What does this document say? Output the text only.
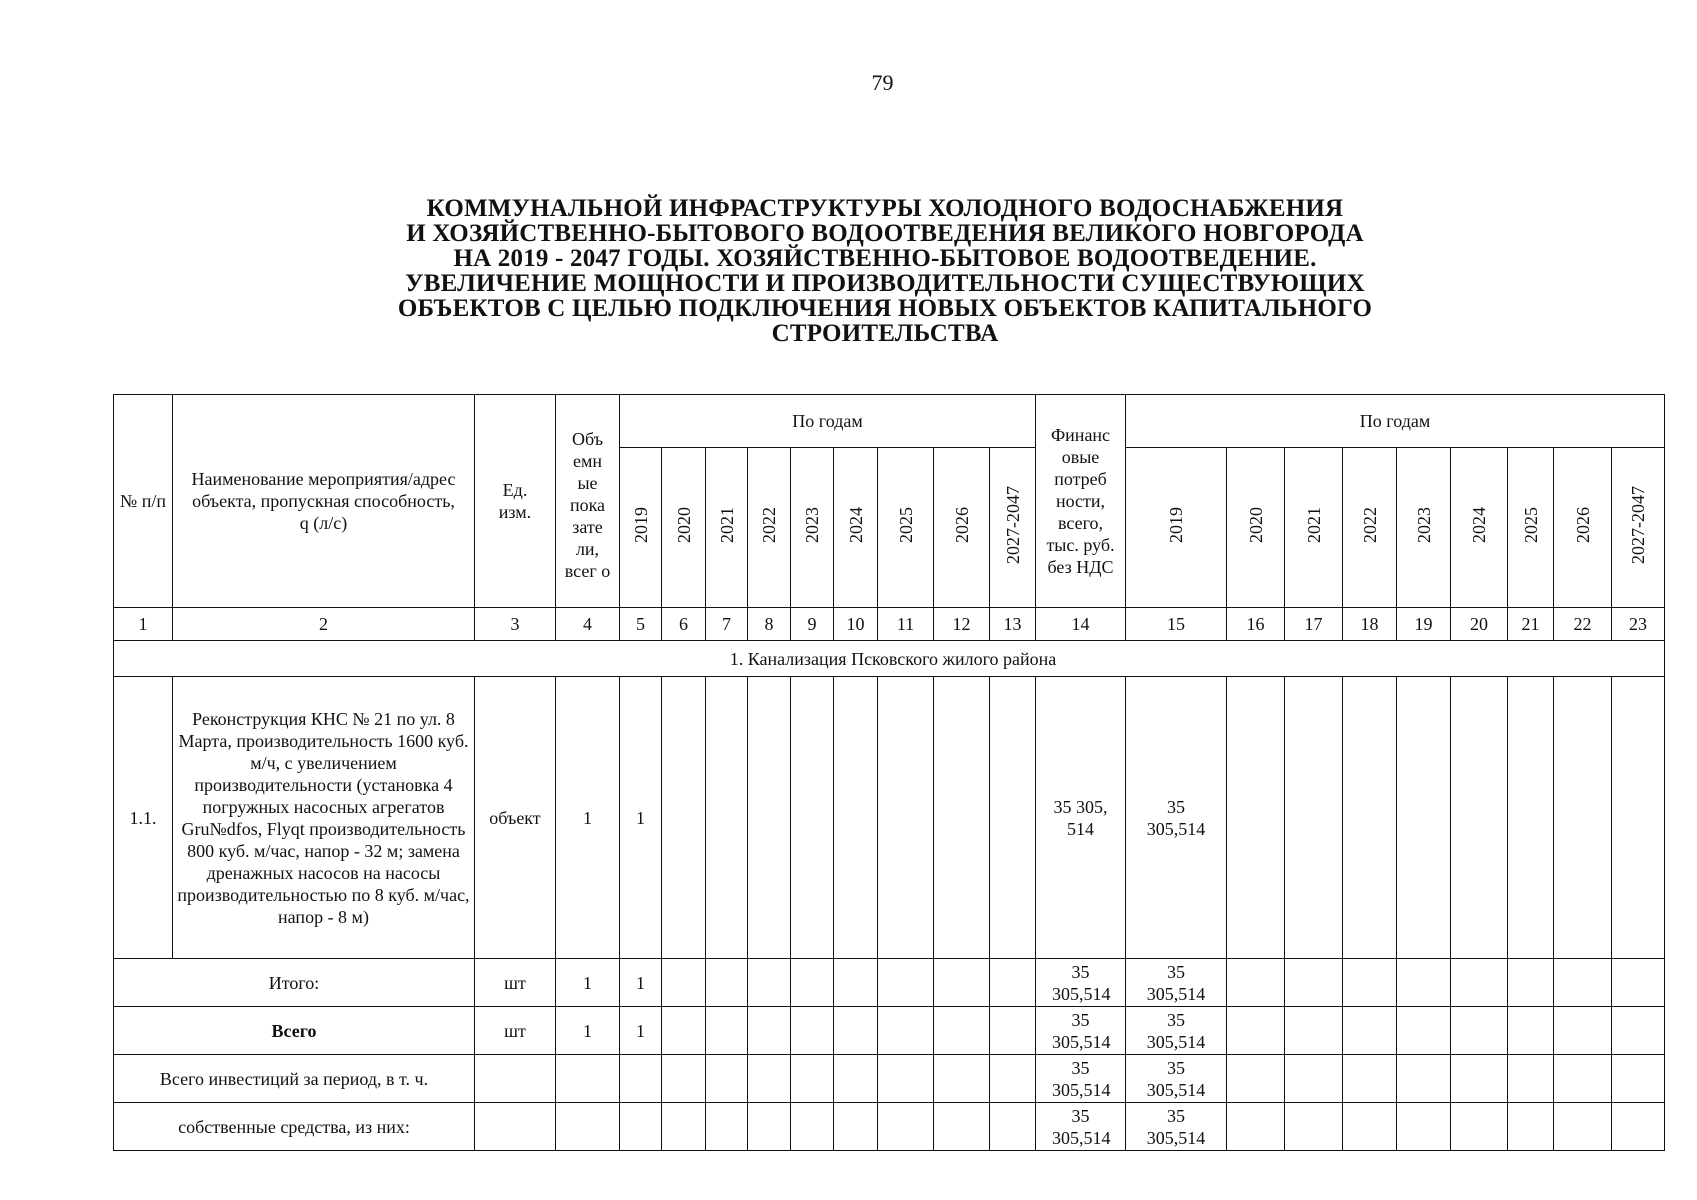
79
КОММУНАЛЬНОЙ ИНФРАСТРУКТУРЫ ХОЛОДНОГО ВОДОСНАБЖЕНИЯ
И ХОЗЯЙСТВЕННО-БЫТОВОГО ВОДООТВЕДЕНИЯ ВЕЛИКОГО НОВГОРОДА
НА 2019 - 2047 ГОДЫ. ХОЗЯЙСТВЕННО-БЫТОВОЕ ВОДООТВЕДЕНИЕ.
УВЕЛИЧЕНИЕ МОЩНОСТИ И ПРОИЗВОДИТЕЛЬНОСТИ СУЩЕСТВУЮЩИХ
ОБЪЕКТОВ С ЦЕЛЬЮ ПОДКЛЮЧЕНИЯ НОВЫХ ОБЪЕКТОВ КАПИТАЛЬНОГО
СТРОИТЕЛЬСТВА
№ п/п	Наименование мероприятия/адрес объекта, пропускная способность, q (л/с)	Ед. изм.	Объ емн ые пока зате ли, всег о	По годам									Финанс овые потреб ности, всего, тыс. руб. без НДС	По годам								
				2019	2020	2021	2022	2023	2024	2025	2026	2027-2047		2019	2020	2021	2022	2023	2024	2025	2026	2027-2047
1	2	3	4	5	6	7	8	9	10	11	12	13	14	15	16	17	18	19	20	21	22	23
1. Канализация Псковского жилого района																						
1.1.	Реконструкция КНС № 21 по ул. 8 Марта, производительность 1600 куб. м/ч, с увеличением производительности (установка 4 погружных насосных агрегатов Gru№dfos, Flyqt производительность 800 куб. м/час, напор - 32 м; замена дренажных насосов на насосы производительностью по 8 куб. м/час, напор - 8 м)	объект	1	1									35 305, 514	35 305,514								
Итого:		шт	1	1									35 305,514	35 305,514								
Всего		шт	1	1									35 305,514	35 305,514								
Всего инвестиций за период, в т. ч.													35 305,514	35 305,514								
собственные средства, из них:													35 305,514	35 305,514								
